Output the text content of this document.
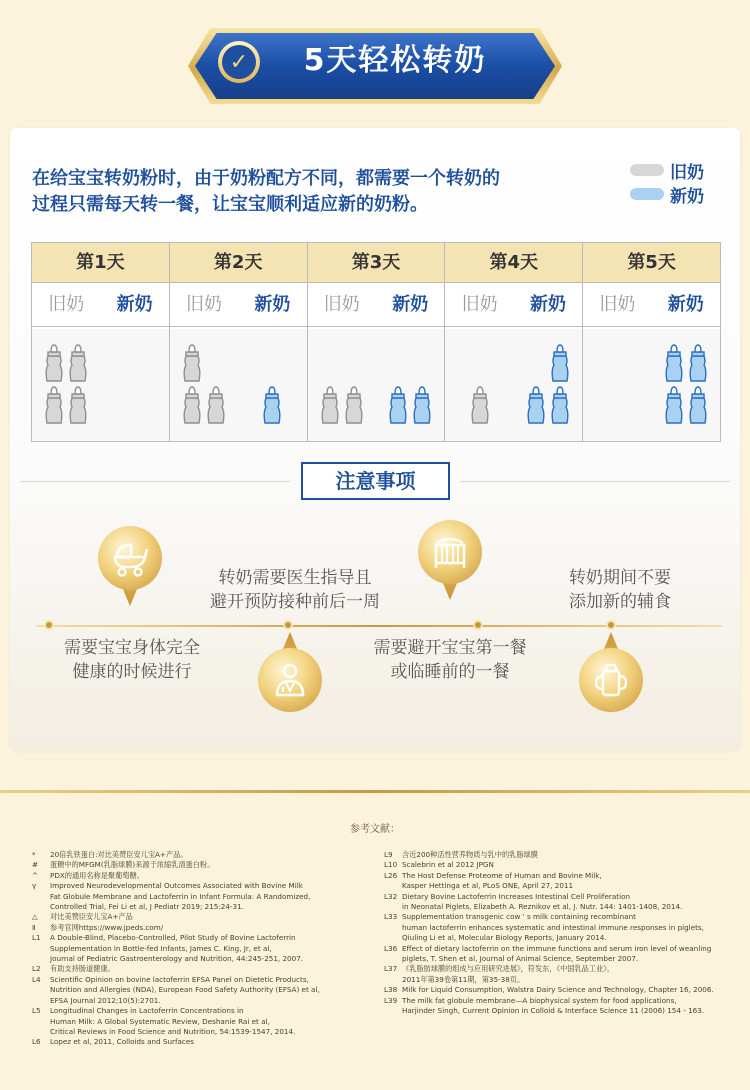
✓	5天轻松转奶
在给宝宝转奶粉时，由于奶粉配方不同，都需要一个转奶的过程只需每天转一餐，让宝宝顺利适应新的奶粉。
旧奶
新奶
第1天
旧奶	新奶
第2天
旧奶	新奶
第3天
旧奶	新奶
第4天
旧奶	新奶
第5天
旧奶	新奶
注意事项
需要宝宝身体完全
健康的时候进行
转奶需要医生指导且
避开预防接种前后一周
需要避开宝宝第一餐
或临睡前的一餐
转奶期间不要
添加新的辅食
参考文献：
*	20倍乳铁蛋白:对比美赞臣安儿宝A+产品。
#	蛋糖中的MFGM(乳脂球膜)来源于浓缩乳清蛋白粉。
^	PDX的通用名称是聚葡萄糖。
γ	Improved Neurodevelopmental Outcomes Associated with Bovine Milk
Fat Globule Membrane and Lactoferrin in Infant Formula: A Randomized,
Controlled Trial, Fei Li et al, J Pediatr 2019; 215:24-31.
△	对比美赞臣安儿宝A+产品
Ⅱ	参考官网https://www.jpeds.com/
L1	A Double-Blind, Placebo-Controlled, Pilot Study of Bovine Lactoferrin
Supplementation in Bottle-fed Infants, James C. King, Jr, et al,
Journal of Pediatric Gastroenterology and Nutrition, 44:245-251, 2007.
L2	有助支持肠道健康。
L4	Scientific Opinion on bovine lactoferrin EFSA Panel on Dietetic Products,
Nutrition and Allergies (NDA), European Food Safety Authority (EFSA) et al,
EFSA Journal 2012;10(5):2701.
L5	Longitudinal Changes in Lactoferrin Concentrations in
Human Milk: A Global Systematic Review, Deshanie Rai et al,
Critical Reviews in Food Science and Nutrition, 54:1539-1547, 2014.
L6	Lopez et al, 2011, Colloids and Surfaces
L9	含近200种活性营养物质与乳中的乳脂球膜
L10 Scalebrin et al 2012 JPGN
L26 The Host Defense Proteome of Human and Bovine Milk,
Kasper Hettinga et al, PLoS ONE, April 27, 2011
L32 Dietary Bovine Lactoferrin Increases Intestinal Cell Proliferation
in Neonatal Piglets, Elizabeth A. Reznikov et al, J. Nutr. 144: 1401-1408, 2014.
L33 Supplementation transgenic cow ' s milk containing recombinant
human lactoferrin enhances systematic and intestinal immune responses in piglets,
Qiuling Li et al, Molecular Biology Reports, January 2014.
L36 Effect of dietary lactoferrin on the immune functions and serum iron level of weanling
piglets, T. Shen et al, Journal of Animal Science, September 2007.
L37 《乳脂肪球膜的组成与应用研究进展》，符发东，《中国乳品工业》，
2011年第39卷第11期，第35-38页。
L38 Milk for Liquid Consumption, Walstra Dairy Science and Technology, Chapter 16, 2006.
L39 The milk fat globule membrane—A biophysical system for food applications,
Harjinder Singh, Current Opinion in Colloid & Interface Science 11 (2006) 154 - 163.
